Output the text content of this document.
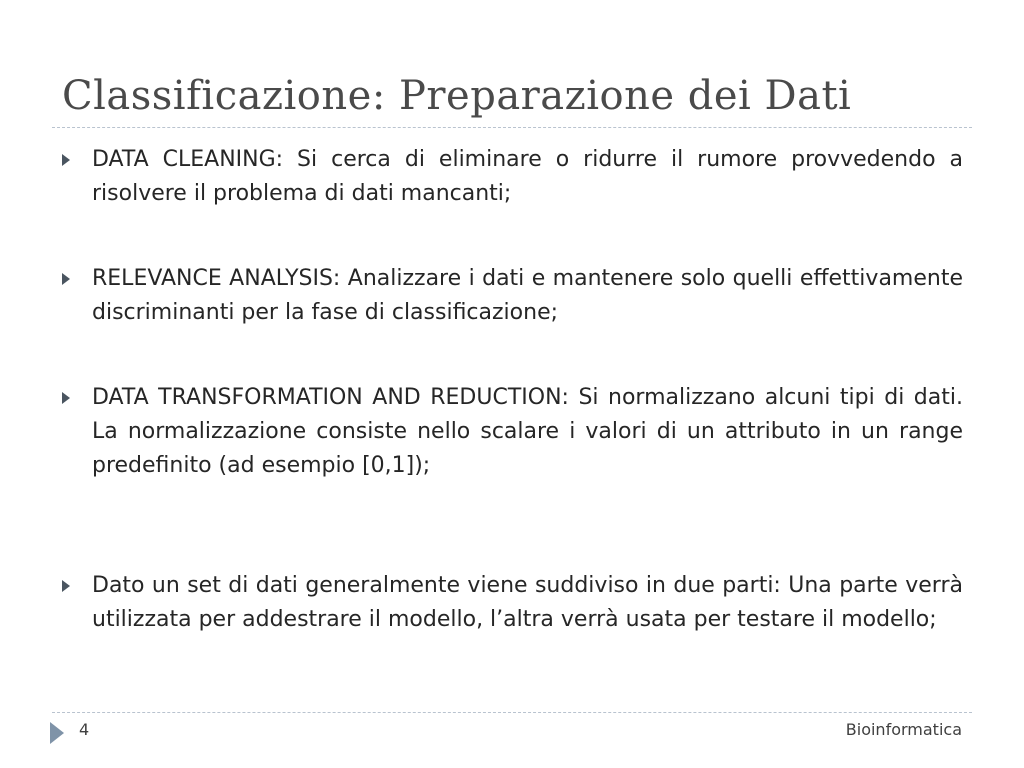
Classificazione: Preparazione dei Dati
DATA CLEANING: Si cerca di eliminare o ridurre il rumore provvedendo a risolvere il problema di dati mancanti;
RELEVANCE ANALYSIS: Analizzare i dati e mantenere solo quelli effettivamente discriminanti per la fase di classificazione;
DATA TRANSFORMATION AND REDUCTION: Si normalizzano alcuni tipi di dati. La normalizzazione consiste nello scalare i valori di un attributo in un range predefinito (ad esempio [0,1]);
Dato un set di dati generalmente viene suddiviso in due parti: Una parte verrà utilizzata per addestrare il modello, l’altra verrà usata per testare il modello;
4	Bioinformatica
